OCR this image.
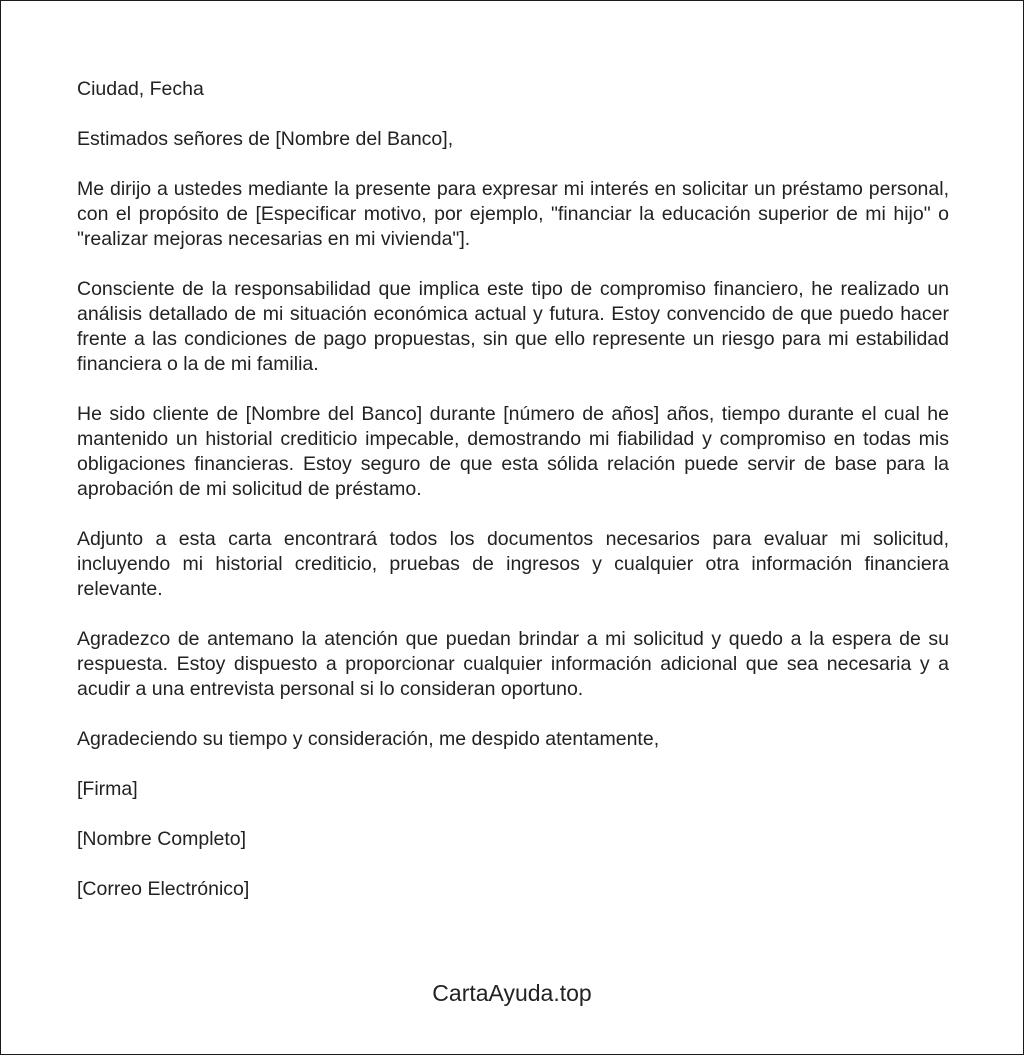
Ciudad, Fecha

Estimados señores de [Nombre del Banco],

Me dirijo a ustedes mediante la presente para expresar mi interés en solicitar un préstamo personal, con el propósito de [Especificar motivo, por ejemplo, "financiar la educación superior de mi hijo" o "realizar mejoras necesarias en mi vivienda"].

Consciente de la responsabilidad que implica este tipo de compromiso financiero, he realizado un análisis detallado de mi situación económica actual y futura. Estoy convencido de que puedo hacer frente a las condiciones de pago propuestas, sin que ello represente un riesgo para mi estabilidad financiera o la de mi familia.

He sido cliente de [Nombre del Banco] durante [número de años] años, tiempo durante el cual he mantenido un historial crediticio impecable, demostrando mi fiabilidad y compromiso en todas mis obligaciones financieras. Estoy seguro de que esta sólida relación puede servir de base para la aprobación de mi solicitud de préstamo.

Adjunto a esta carta encontrará todos los documentos necesarios para evaluar mi solicitud, incluyendo mi historial crediticio, pruebas de ingresos y cualquier otra información financiera relevante.

Agradezco de antemano la atención que puedan brindar a mi solicitud y quedo a la espera de su respuesta. Estoy dispuesto a proporcionar cualquier información adicional que sea necesaria y a acudir a una entrevista personal si lo consideran oportuno.

Agradeciendo su tiempo y consideración, me despido atentamente,

[Firma]

[Nombre Completo]

[Correo Electrónico]

CartaAyuda.top
